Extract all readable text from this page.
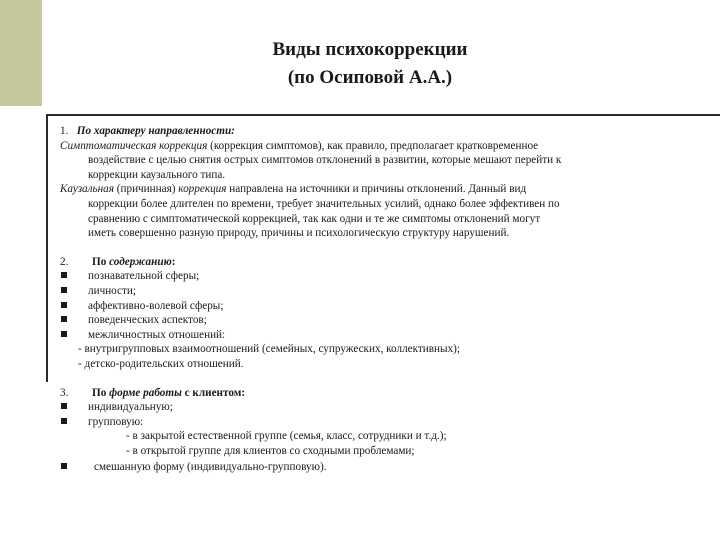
Виды психокоррекции
(по Осиповой А.А.)
1. По характеру направленности:
Симптоматическая коррекция (коррекция симптомов), как правило, предполагает кратковременное
воздействие с целью снятия острых симптомов отклонений в развитии, которые мешают перейти к
коррекции каузального типа.
Каузальная (причинная) коррекция направлена на источники и причины отклонений. Данный вид
коррекции более длителен по времени, требует значительных усилий, однако более эффективен по
сравнению с симптоматической коррекцией, так как одни и те же симптомы отклонений могут
иметь совершенно разную природу, причины и психологическую структуру нарушений.
2. По содержанию:
познавательной сферы;
личности;
аффективно-волевой сферы;
поведенческих аспектов;
межличностных отношений:
- внутригрупповых взаимоотношений (семейных, супружеских, коллективных);
- детско-родительских отношений.
3. По форме работы с клиентом:
индивидуальную;
групповую:
- в закрытой естественной группе (семья, класс, сотрудники и т.д.);
- в открытой группе для клиентов со сходными проблемами;
смешанную форму (индивидуально-групповую).
